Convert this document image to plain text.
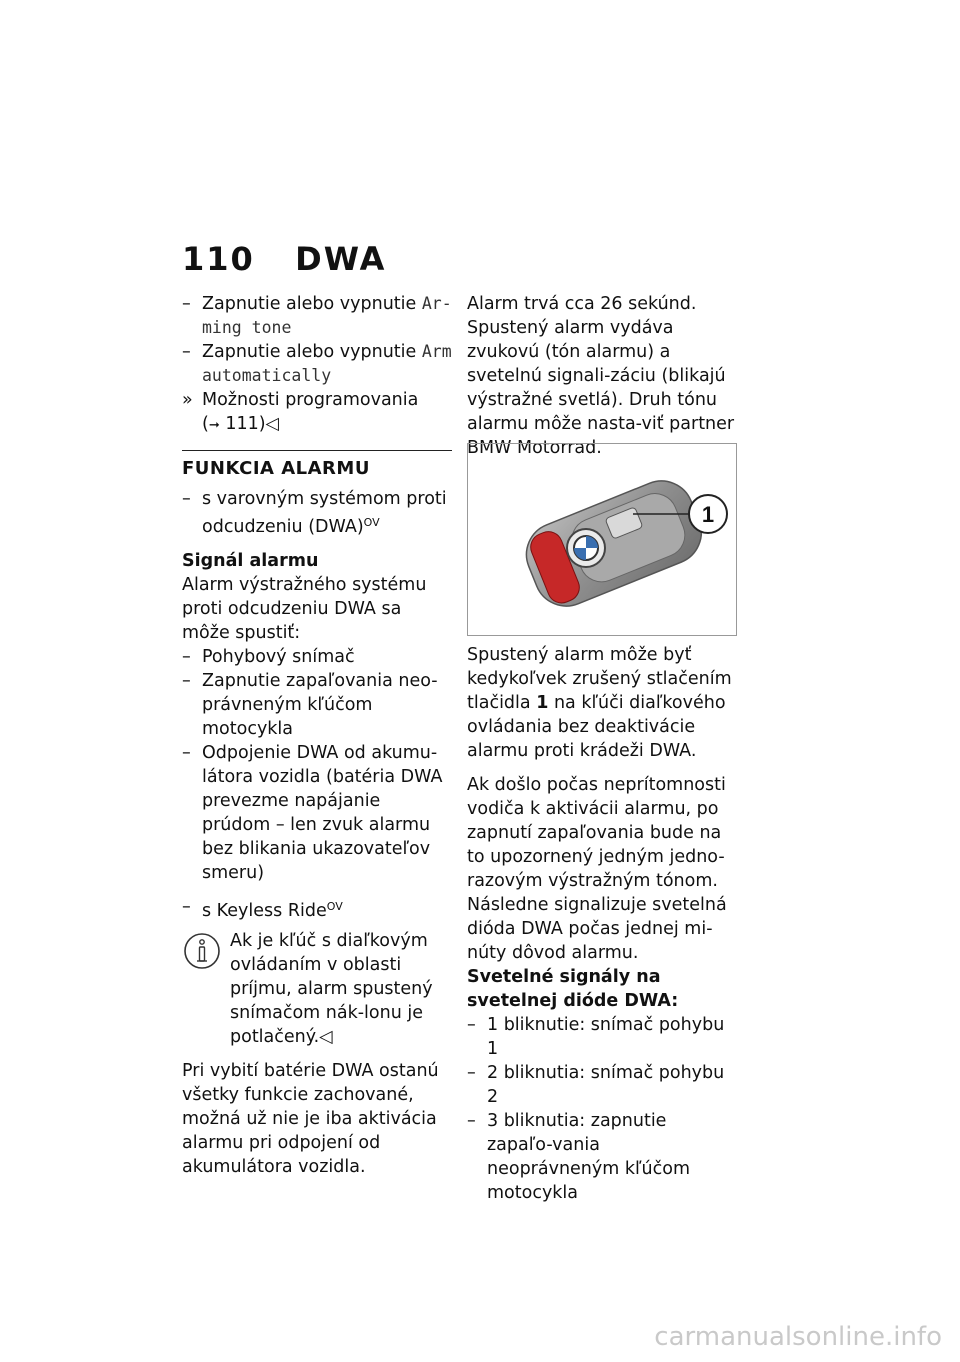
110 DWA
– Zapnutie alebo vypnutie Ar-ming tone
– Zapnutie alebo vypnutie Arm automatically
» Možnosti programovania
(➞ 111)◁
FUNKCIA ALARMU
– s varovným systémom proti odcudzeniu (DWA)$^{OV}$

Signál alarmu

Alarm výstražného systému proti odcudzeniu DWA sa môže spustiť:

– Pohybový snímač
– Zapnutie zapaľovania neo-právneným kľúčom motocykla
– Odpojenie DWA od akumu-látora vozidla (batéria DWA prevezme napájanie prúdom – len zvuk alarmu bez blikania ukazovateľov smeru)
– s Keyless Ride$^{OV}$
Ak je kľúč s diaľkovým ovládaním v oblasti príjmu, alarm spustený snímačom nák-lonu je potlačený.◁

Pri vybití batérie DWA ostanú všetky funkcie zachované, možná už nie je iba aktivácia alarmu pri odpojení od akumulátora vozidla.

Alarm trvá cca 26 sekúnd. Spustený alarm vydáva zvukovú (tón alarmu) a svetelnú signali-záciu (blikajú výstražné svetlá). Druh tónu alarmu môže nasta-viť partner BMW Motorrad.

1

Spustený alarm môže byť kedykoľvek zrušený stlačením tlačidla 1 na kľúči diaľkového ovládania bez deaktivácie alarmu proti krádeži DWA.

Ak došlo počas neprítomnosti vodiča k aktivácii alarmu, po zapnutí zapaľovania bude na to upozornený jedným jedno-razovým výstražným tónom. Následne signalizuje svetelná dióda DWA počas jednej mi-núty dôvod alarmu.

Svetelné signály na svetelnej dióde DWA:

– 1 bliknutie: snímač pohybu 1
– 2 bliknutia: snímač pohybu 2
– 3 bliknutia: zapnutie zapaľo-vania neoprávneným kľúčom motocykla
carmanualsonline.info
